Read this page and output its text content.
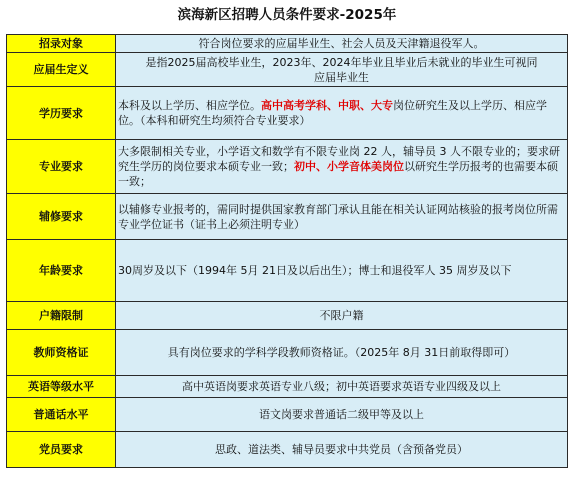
滨海新区招聘人员条件要求-2025年
招录对象	符合岗位要求的应届毕业生、社会人员及天津籍退役军人。
应届生定义	是指2025届高校毕业生，2023年、2024年毕业且毕业后未就业的毕业生可视同
应届毕业生
学历要求	本科及以上学历、相应学位。高中高考学科、中职、大专岗位研究生及以上学历、相应学位。（本科和研究生均须符合专业要求）
专业要求	大多限制相关专业，小学语文和数学有不限专业岗 22 人，辅导员 3 人不限专业的；要求研究生学历的岗位要求本硕专业一致；初中、小学音体美岗位以研究生学历报考的也需要本硕一致；
辅修要求	以辅修专业报考的，需同时提供国家教育部门承认且能在相关认证网站核验的报考岗位所需专业学位证书（证书上必须注明专业）
年龄要求	30周岁及以下（1994年 5月 21日及以后出生）；博士和退役军人 35 周岁及以下
户籍限制	不限户籍
教师资格证	具有岗位要求的学科学段教师资格证。（2025年 8月 31日前取得即可）
英语等级水平	高中英语岗要求英语专业八级；初中英语要求英语专业四级及以上
普通话水平	语文岗要求普通话二级甲等及以上
党员要求	思政、道法类、辅导员要求中共党员（含预备党员）
